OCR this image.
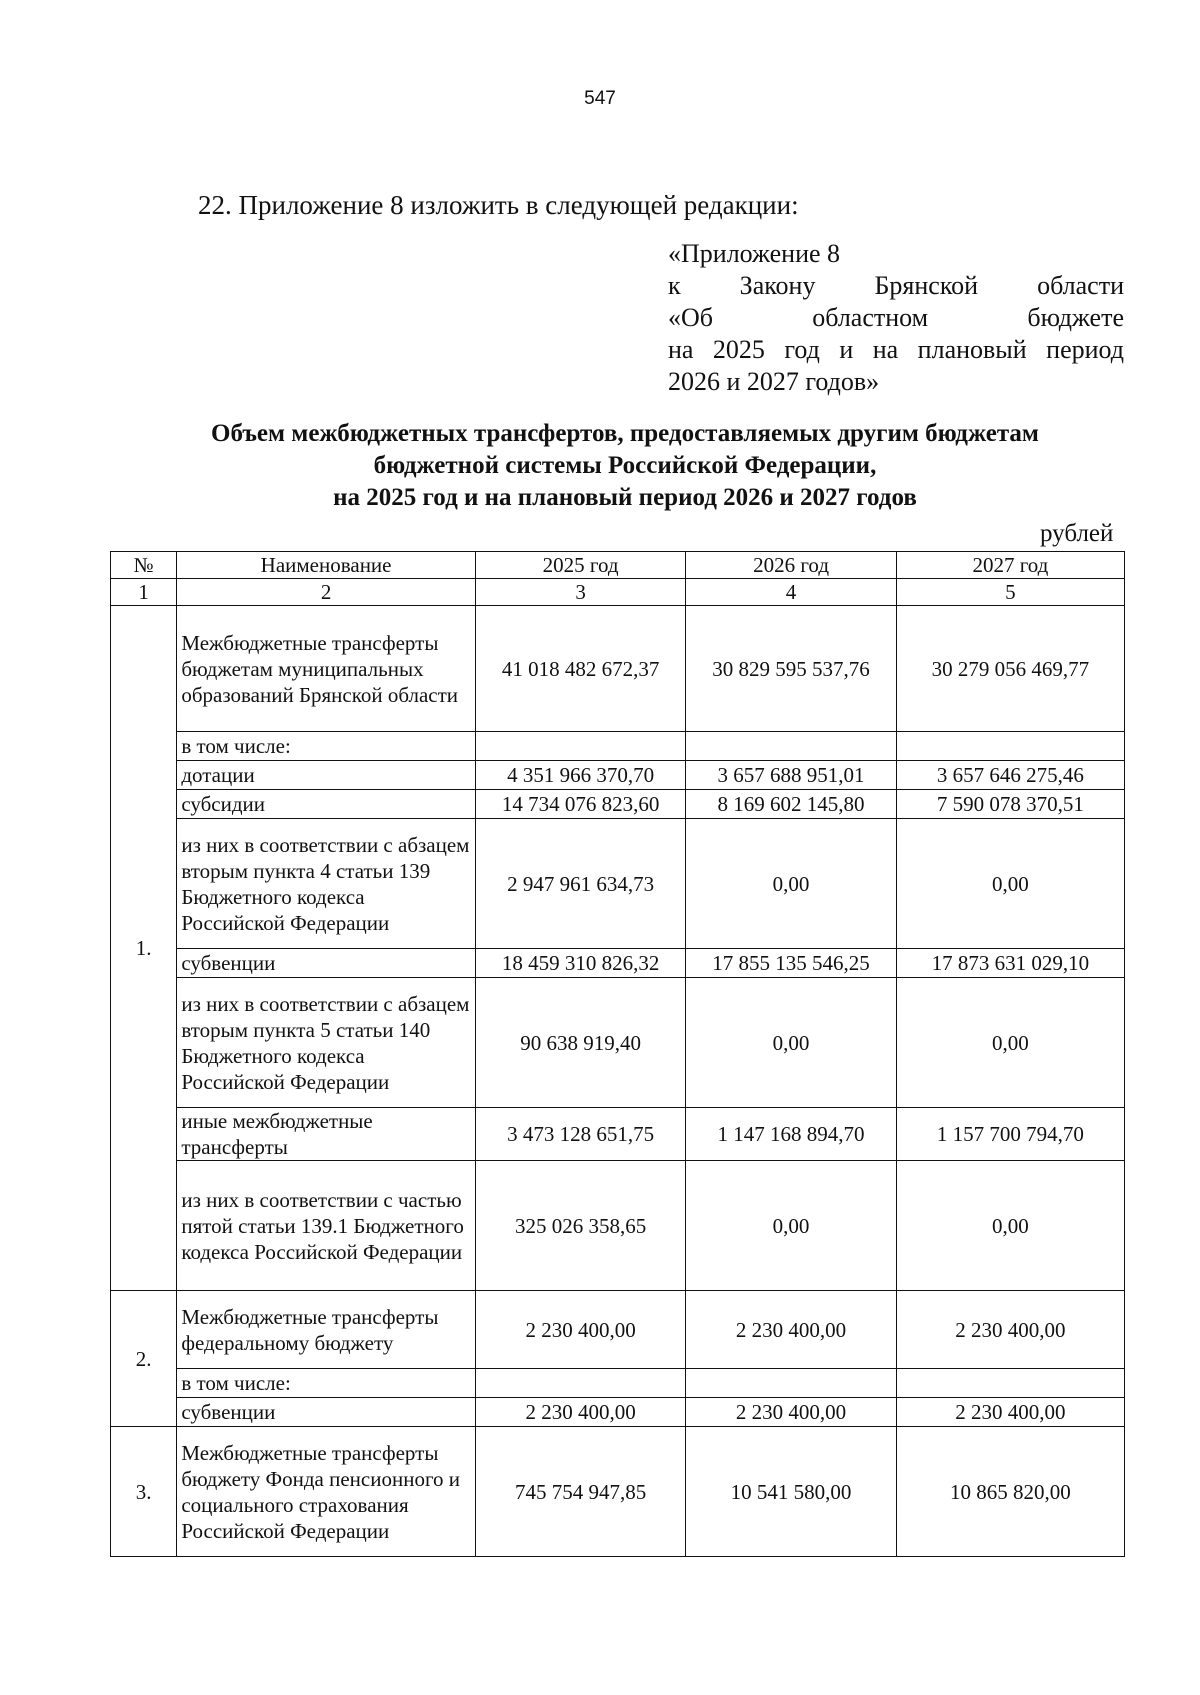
547
22. Приложение 8 изложить в следующей редакции:
«Приложение 8
к Закону Брянской области
«Об областном бюджете
на 2025 год и на плановый период
2026 и 2027 годов»
Объем межбюджетных трансфертов, предоставляемых другим бюджетам
бюджетной системы Российской Федерации,
на 2025 год и на плановый период 2026 и 2027 годов
рублей
№	Наименование	2025 год	2026 год	2027 год
1	2	3	4	5
1.	Межбюджетные трансферты бюджетам муниципальных образований Брянской области	41 018 482 672,37	30 829 595 537,76	30 279 056 469,77
	в том числе:			
	дотации	4 351 966 370,70	3 657 688 951,01	3 657 646 275,46
	субсидии	14 734 076 823,60	8 169 602 145,80	7 590 078 370,51
	из них в соответствии с абзацем вторым пункта 4 статьи 139 Бюджетного кодекса Российской Федерации	2 947 961 634,73	0,00	0,00
	субвенции	18 459 310 826,32	17 855 135 546,25	17 873 631 029,10
	из них в соответствии с абзацем вторым пункта 5 статьи 140 Бюджетного кодекса Российской Федерации	90 638 919,40	0,00	0,00
	иные межбюджетные трансферты	3 473 128 651,75	1 147 168 894,70	1 157 700 794,70
	из них в соответствии с частью пятой статьи 139.1 Бюджетного кодекса Российской Федерации	325 026 358,65	0,00	0,00
2.	Межбюджетные трансферты федеральному бюджету	2 230 400,00	2 230 400,00	2 230 400,00
	в том числе:			
	субвенции	2 230 400,00	2 230 400,00	2 230 400,00
3.	Межбюджетные трансферты бюджету Фонда пенсионного и социального страхования Российской Федерации	745 754 947,85	10 541 580,00	10 865 820,00
